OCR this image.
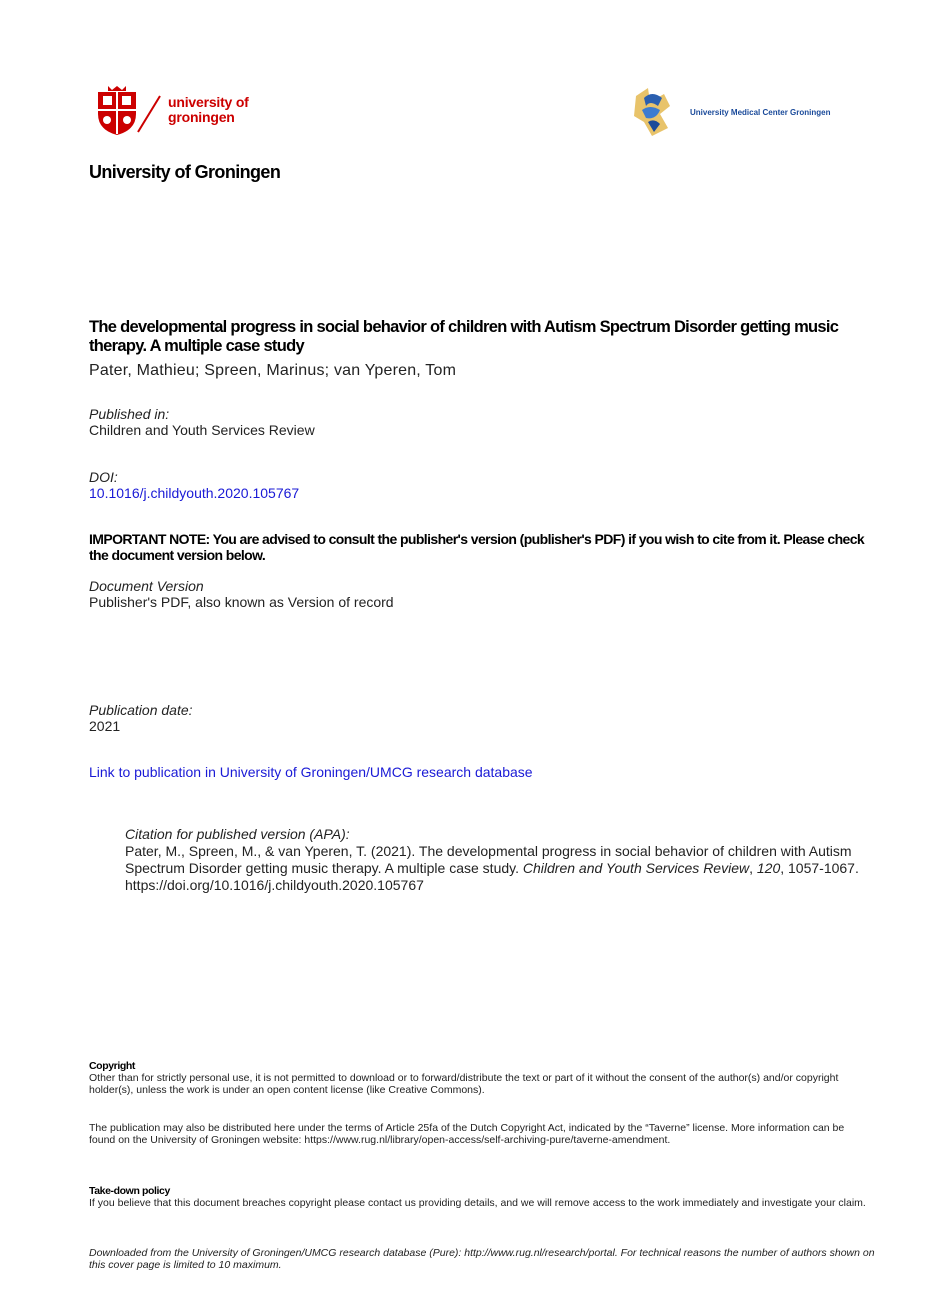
university of
groningen	University Medical Center Groningen
University of Groningen
The developmental progress in social behavior of children with Autism Spectrum Disorder getting music therapy. A multiple case study
Pater, Mathieu; Spreen, Marinus; van Yperen, Tom
Published in:
Children and Youth Services Review
DOI:
10.1016/j.childyouth.2020.105767
IMPORTANT NOTE: You are advised to consult the publisher's version (publisher's PDF) if you wish to cite from it. Please check the document version below.
Document Version
Publisher's PDF, also known as Version of record
Publication date:
2021
Link to publication in University of Groningen/UMCG research database
Citation for published version (APA):
Pater, M., Spreen, M., & van Yperen, T. (2021). The developmental progress in social behavior of children with Autism Spectrum Disorder getting music therapy. A multiple case study. Children and Youth Services Review, 120, 1057-1067. https://doi.org/10.1016/j.childyouth.2020.105767
Copyright
Other than for strictly personal use, it is not permitted to download or to forward/distribute the text or part of it without the consent of the author(s) and/or copyright holder(s), unless the work is under an open content license (like Creative Commons).
The publication may also be distributed here under the terms of Article 25fa of the Dutch Copyright Act, indicated by the “Taverne” license. More information can be found on the University of Groningen website: https://www.rug.nl/library/open-access/self-archiving-pure/taverne-amendment.
Take-down policy
If you believe that this document breaches copyright please contact us providing details, and we will remove access to the work immediately and investigate your claim.
Downloaded from the University of Groningen/UMCG research database (Pure): http://www.rug.nl/research/portal. For technical reasons the number of authors shown on this cover page is limited to 10 maximum.
